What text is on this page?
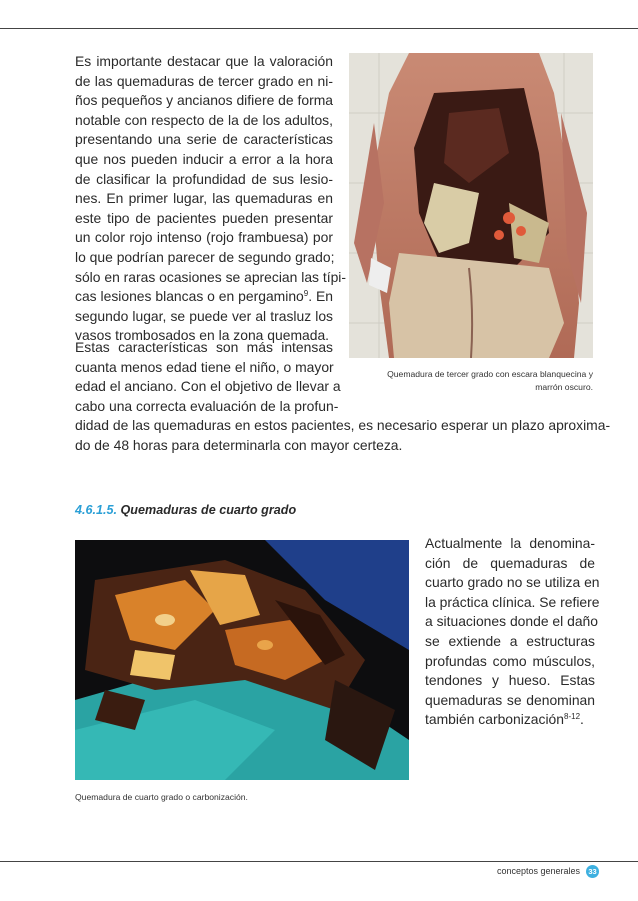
Es importante destacar que la valoración
de las quemaduras de tercer grado en ni-
ños pequeños y ancianos difiere de forma
notable con respecto de la de los adultos,
presentando una serie de características
que nos pueden inducir a error a la hora
de clasificar la profundidad de sus lesio-
nes. En primer lugar, las quemaduras en
este tipo de pacientes pueden presentar
un color rojo intenso (rojo frambuesa) por
lo que podrían parecer de segundo grado;
sólo en raras ocasiones se aprecian las típi-
cas lesiones blancas o en pergamino$^9$. En
segundo lugar, se puede ver al trasluz los
vasos trombosados en la zona quemada.

Quemadura de tercer grado con escara blanquecina y
marrón oscuro.

Estas características son más intensas
cuanta menos edad tiene el niño, o mayor
edad el anciano. Con el objetivo de llevar a
cabo una correcta evaluación de la profun-
didad de las quemaduras en estos pacientes, es necesario esperar un plazo aproxima-
do de 48 horas para determinarla con mayor certeza.
4.6.1.5. Quemaduras de cuarto grado

Quemadura de cuarto grado o carbonización.

Actualmente la denomina-
ción de quemaduras de
cuarto grado no se utiliza en
la práctica clínica. Se refiere
a situaciones donde el daño
se extiende a estructuras
profundas como músculos,
tendones y hueso. Estas
quemaduras se denominan
también carbonización$^{8-12}$.
conceptos generales	33
